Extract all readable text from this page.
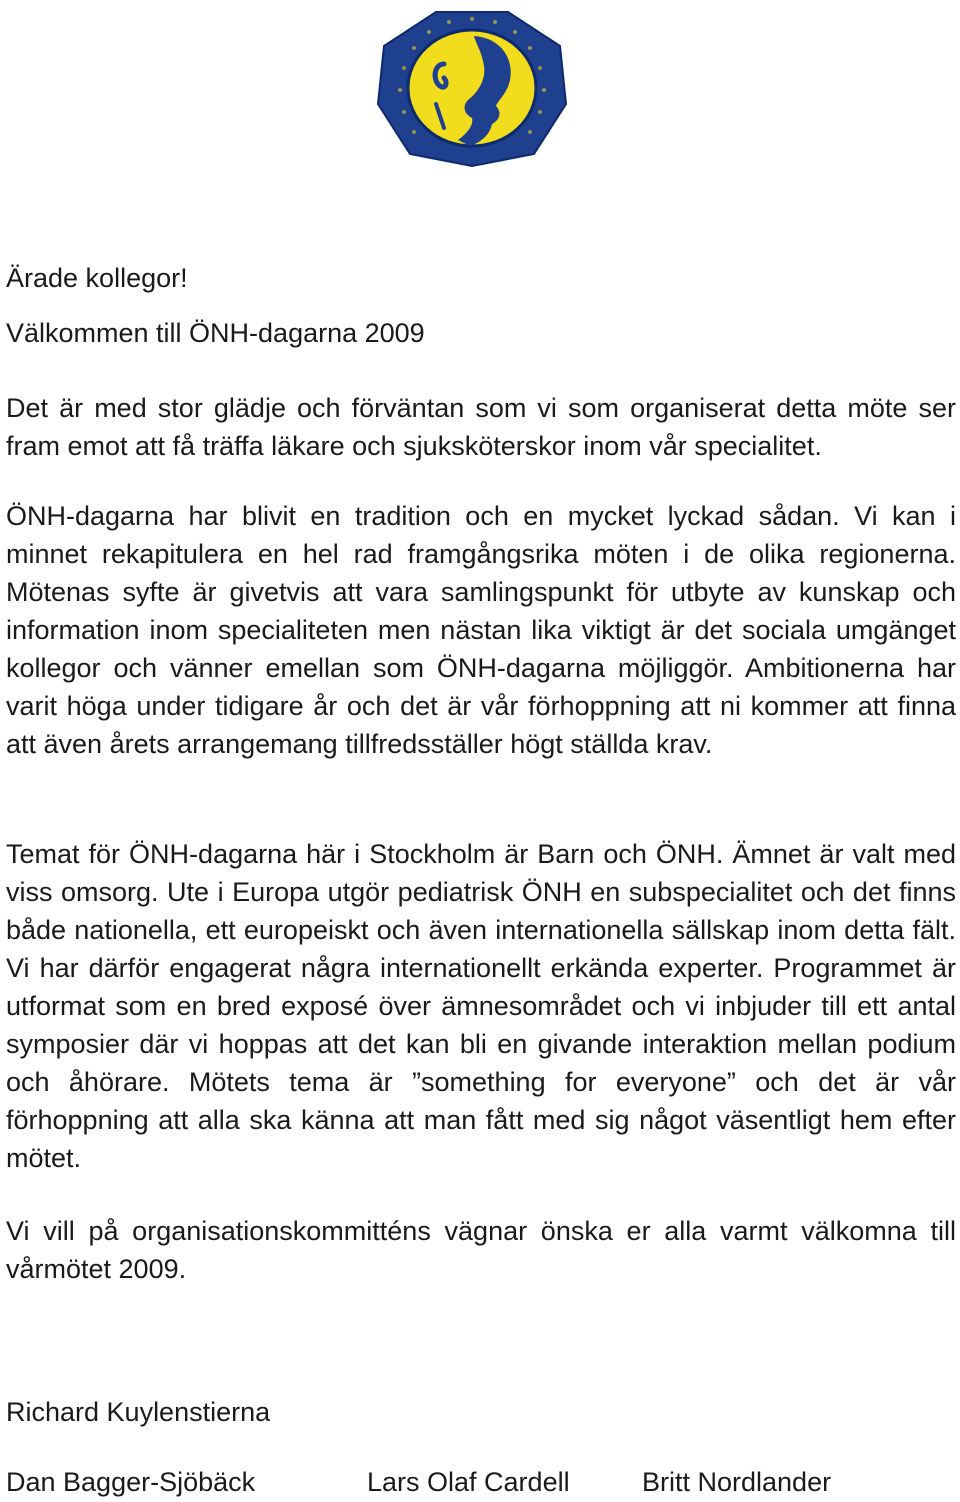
Ärade kollegor!

Välkommen till ÖNH-dagarna 2009

Det är med stor glädje och förväntan som vi som organiserat detta möte ser fram emot att få träffa läkare och sjuksköterskor inom vår specialitet.

ÖNH-dagarna har blivit en tradition och en mycket lyckad sådan. Vi kan i minnet rekapitulera en hel rad framgångsrika möten i de olika regionerna. Mötenas syfte är givetvis att vara samlingspunkt för utbyte av kunskap och information inom specialiteten men nästan lika viktigt är det sociala umgänget kollegor och vänner emellan som ÖNH-dagarna möjliggör. Ambitionerna har varit höga under tidigare år och det är vår förhoppning att ni kommer att finna att även årets arrangemang tillfredsställer högt ställda krav.

Temat för ÖNH-dagarna här i Stockholm är Barn och ÖNH. Ämnet är valt med viss omsorg. Ute i Europa utgör pediatrisk ÖNH en subspecialitet och det finns både nationella, ett europeiskt och även internationella sällskap inom detta fält. Vi har därför engagerat några internationellt erkända experter. Programmet är utformat som en bred exposé över ämnesområdet och vi inbjuder till ett antal symposier där vi hoppas att det kan bli en givande interaktion mellan podium och åhörare. Mötets tema är ”something for everyone” och det är vår förhoppning att alla ska känna att man fått med sig något väsentligt hem efter mötet.

Vi vill på organisationskommitténs vägnar önska er alla varmt välkomna till vårmötet 2009.

Richard Kuylenstierna

Dan Bagger-Sjöbäck	Lars Olaf Cardell	Britt Nordlander
